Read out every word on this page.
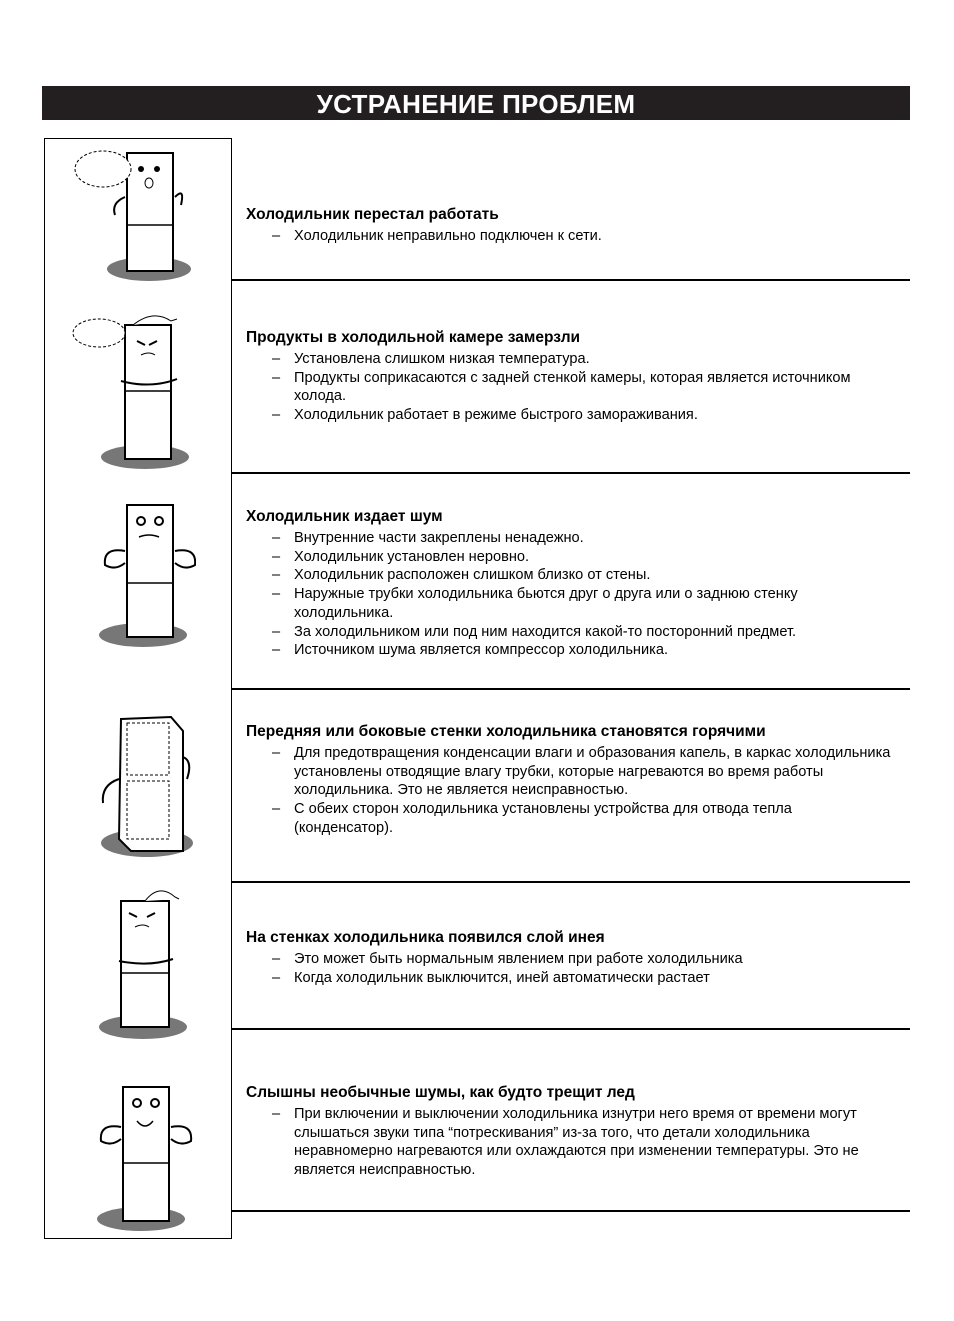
УСТРАНЕНИЕ ПРОБЛЕМ
Холодильник перестал работать
– Холодильник неправильно подключен к сети.
Продукты в холодильной камере замерзли
– Установлена слишком низкая температура.
– Продукты соприкасаются с задней стенкой камеры, которая является источником холода.
– Холодильник работает в режиме быстрого замораживания.
Холодильник издает шум
– Внутренние части закреплены ненадежно.
– Холодильник установлен неровно.
– Холодильник расположен слишком близко от стены.
– Наружные трубки холодильника бьются друг о друга или о заднюю стенку холодильника.
– За холодильником или под ним находится какой-то посторонний предмет.
– Источником шума является компрессор холодильника.
Передняя или боковые стенки холодильника становятся горячими
– Для предотвращения конденсации влаги и образования капель, в каркас холодильника установлены отводящие влагу трубки, которые нагреваются во время работы холодильника. Это не является неисправностью.
– С обеих сторон холодильника установлены устройства для отвода тепла (конденсатор).
На стенках холодильника появился слой инея
– Это может быть нормальным явлением при работе холодильника
– Когда холодильник выключится, иней автоматически растает
Слышны необычные шумы, как будто трещит лед
– При включении и выключении холодильника изнутри него время от времени могут слышаться звуки типа “потрескивания” из-за того, что детали холодильника неравномерно нагреваются или охлаждаются при изменении температуры. Это не является неисправностью.
